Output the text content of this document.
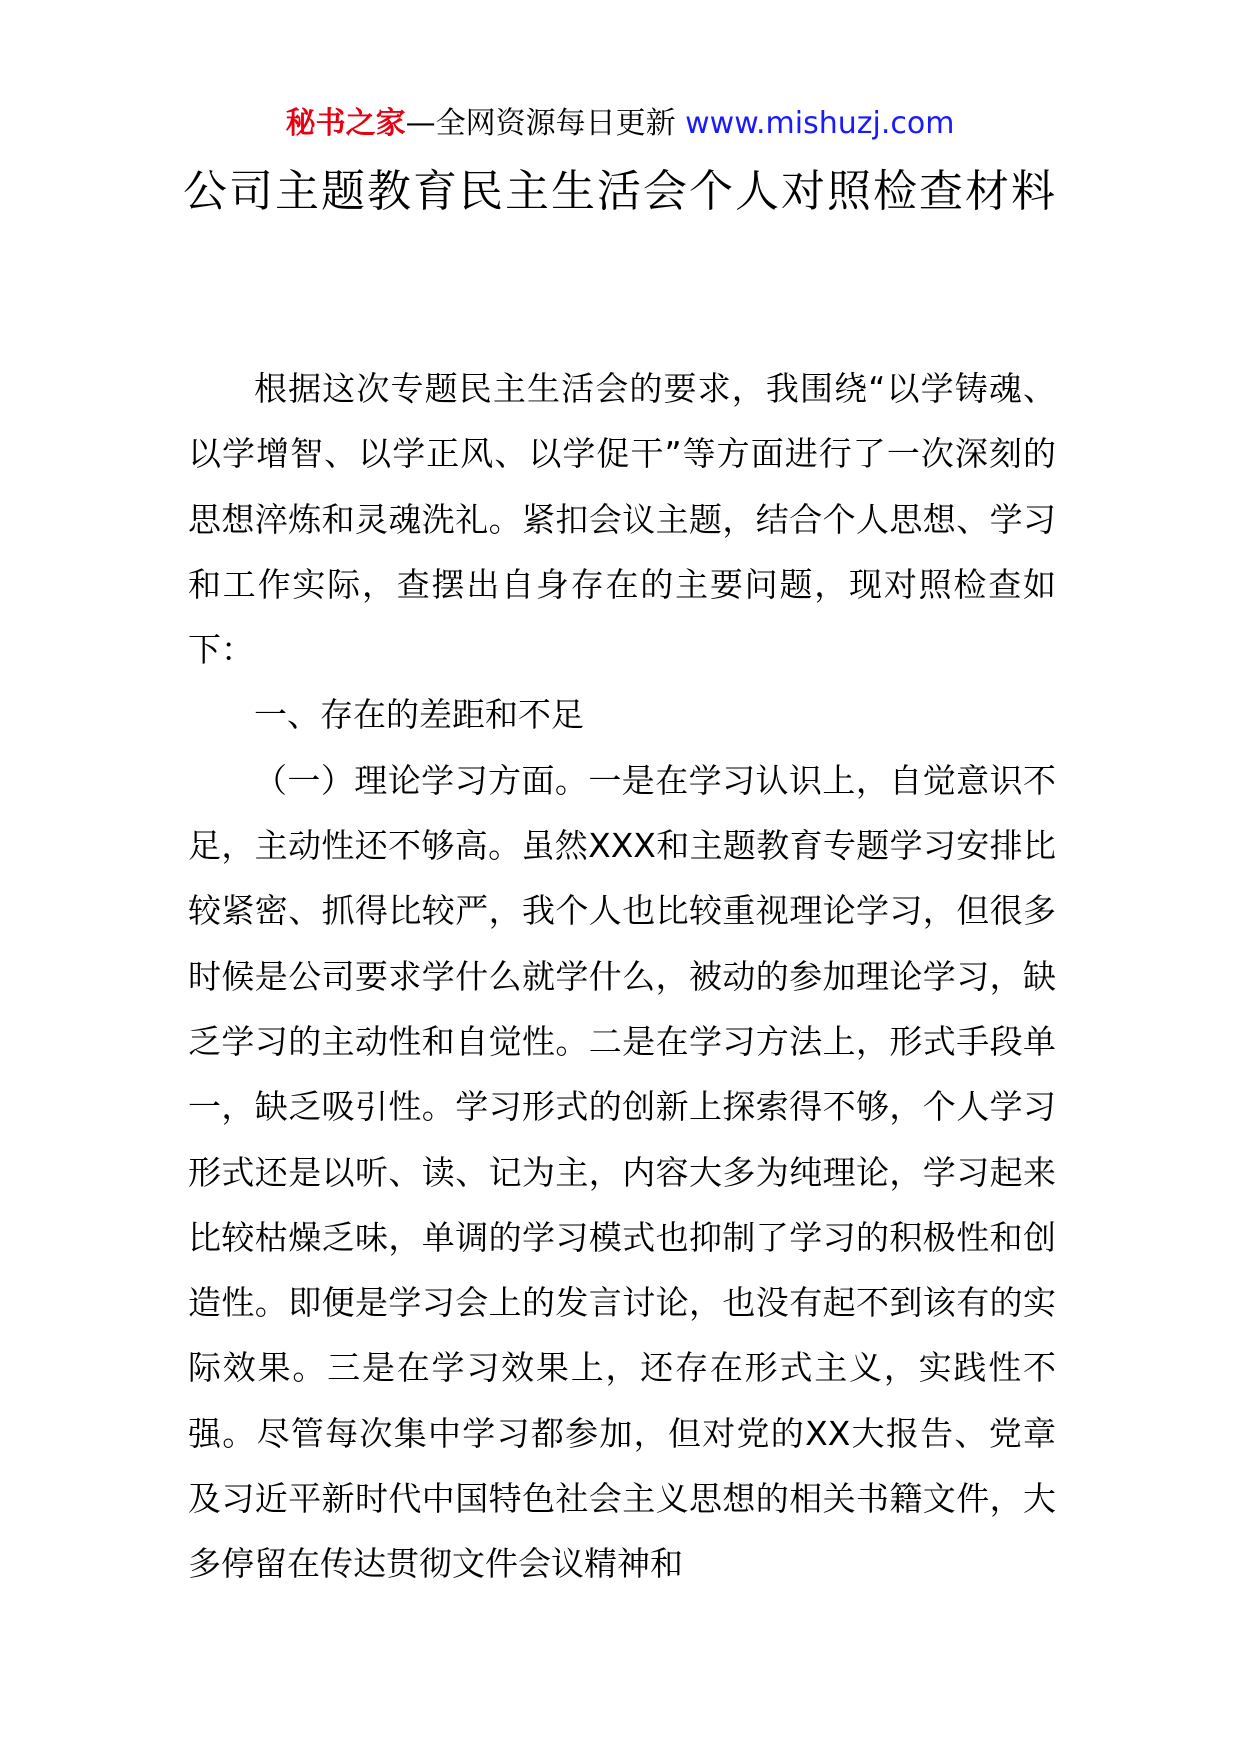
秘书之家—全网资源每日更新 www.mishuzj.com
公司主题教育民主生活会个人对照检查材料

根据这次专题民主生活会的要求，我围绕“以学铸魂、以学增智、以学正风、以学促干”等方面进行了一次深刻的思想淬炼和灵魂洗礼。紧扣会议主题，结合个人思想、学习和工作实际，查摆出自身存在的主要问题，现对照检查如下：

一、存在的差距和不足

（一）理论学习方面。一是在学习认识上，自觉意识不足，主动性还不够高。虽然XXX和主题教育专题学习安排比较紧密、抓得比较严，我个人也比较重视理论学习，但很多时候是公司要求学什么就学什么，被动的参加理论学习，缺乏学习的主动性和自觉性。二是在学习方法上，形式手段单一，缺乏吸引性。学习形式的创新上探索得不够，个人学习形式还是以听、读、记为主，内容大多为纯理论，学习起来比较枯燥乏味，单调的学习模式也抑制了学习的积极性和创造性。即便是学习会上的发言讨论，也没有起不到该有的实际效果。三是在学习效果上，还存在形式主义，实践性不强。尽管每次集中学习都参加，但对党的XX大报告、党章及习近平新时代中国特色社会主义思想的相关书籍文件，大多停留在传达贯彻文件会议精神和
